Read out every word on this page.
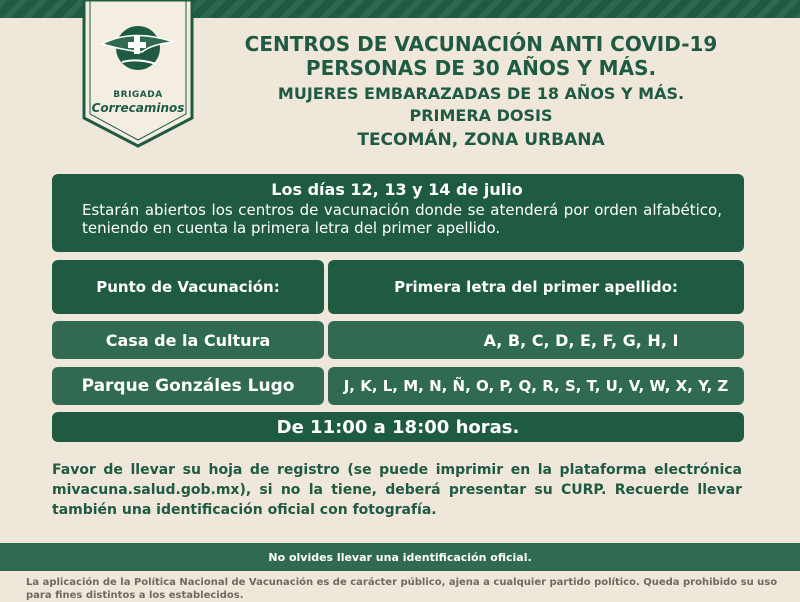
BRIGADA
Correcaminos
CENTROS DE VACUNACIÓN ANTI COVID-19
PERSONAS DE 30 AÑOS Y MÁS.
MUJERES EMBARAZADAS DE 18 AÑOS Y MÁS.
PRIMERA DOSIS
TECOMÁN, ZONA URBANA
Los días 12, 13 y 14 de julio
Estarán abiertos los centros de vacunación donde se atenderá por orden alfabético, teniendo en cuenta la primera letra del primer apellido.
Punto de Vacunación:	Primera letra del primer apellido:
Casa de la Cultura	A, B, C, D, E, F, G, H, I
Parque Gonzáles Lugo	J, K, L, M, N, Ñ, O, P, Q, R, S, T, U, V, W, X, Y, Z
De 11:00 a 18:00 horas.
Favor de llevar su hoja de registro (se puede imprimir en la plataforma electrónica mivacuna.salud.gob.mx), si no la tiene, deberá presentar su CURP. Recuerde llevar también una identificación oficial con fotografía.
No olvides llevar una identificación oficial.
La aplicación de la Política Nacional de Vacunación es de carácter público, ajena a cualquier partido político. Queda prohibido su uso para fines distintos a los establecidos.
